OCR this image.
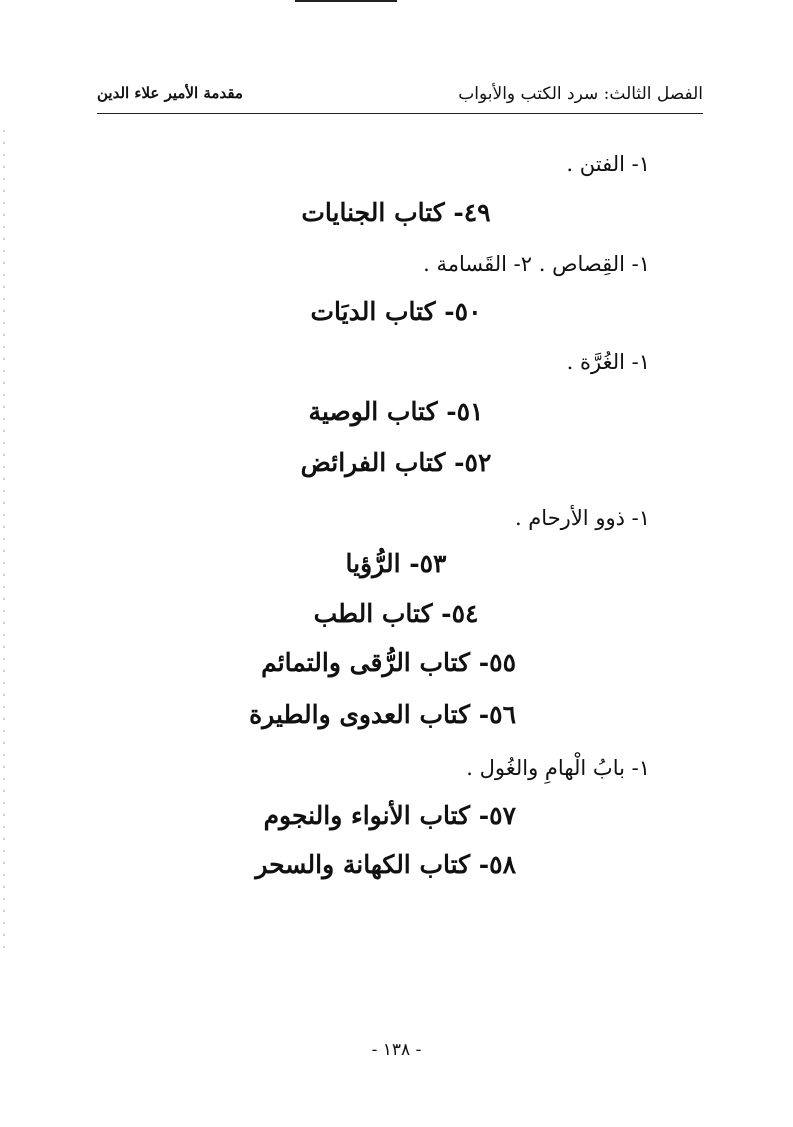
الفصل الثالث: سرد الكتب والأبواب
مقدمة الأمير علاء الدين
١- الفتن .
٤٩- كتاب الجنايات
١- القِصاص . ٢- القَسامة .
٥٠- كتاب الديَات
١- الغُرَّة .
٥١- كتاب الوصية
٥٢- كتاب الفرائض
١- ذوو الأرحام .
٥٣- الرُّؤيا
٥٤- كتاب الطب
٥٥- كتاب الرُّقى والتمائم
٥٦- كتاب العدوى والطيرة
١- بابُ الْهامِ والغُول .
٥٧- كتاب الأنواء والنجوم
٥٨- كتاب الكهانة والسحر
- ١٣٨ -
